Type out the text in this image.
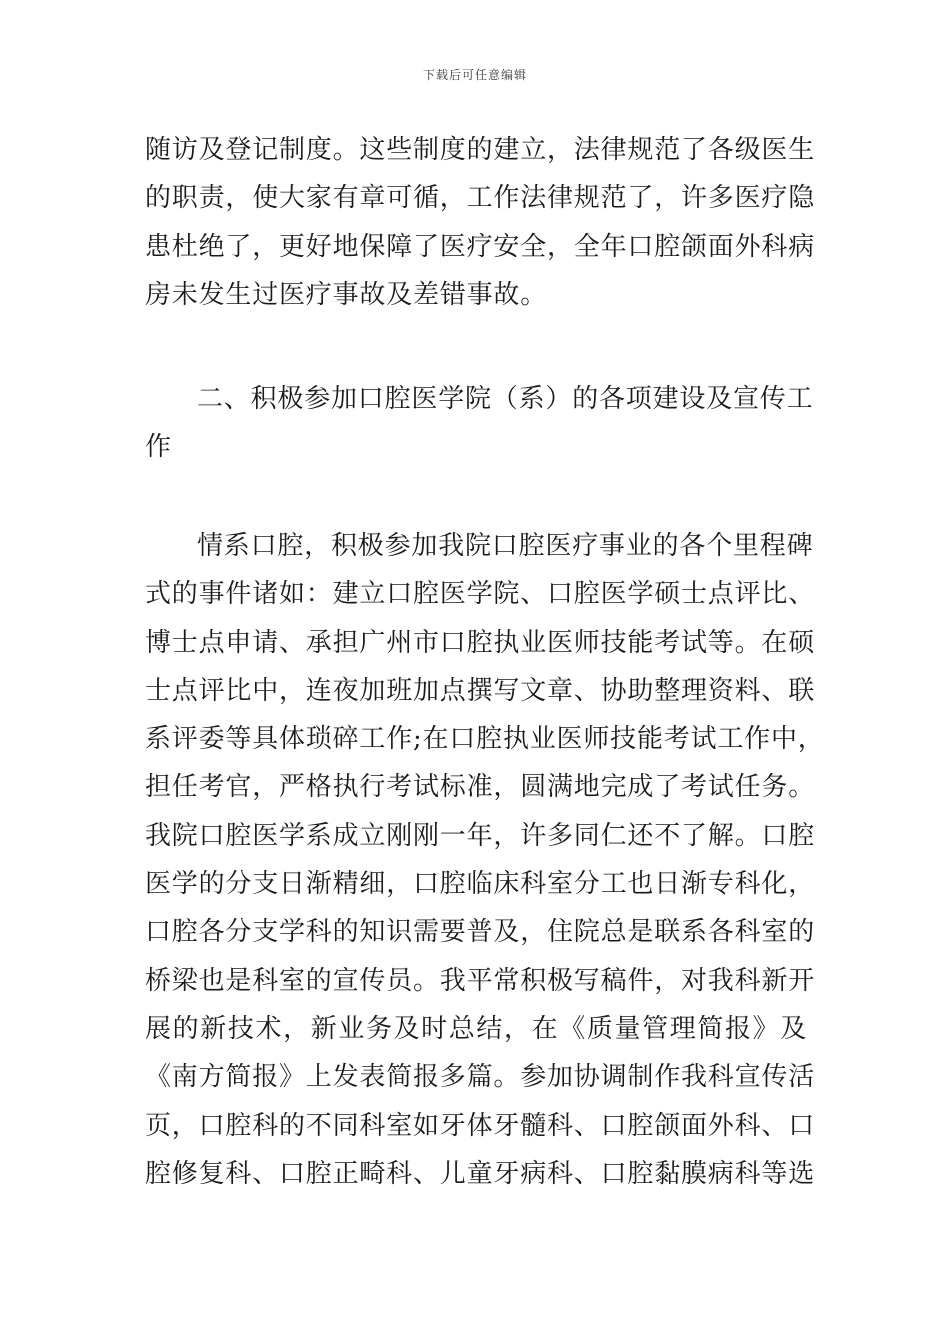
下载后可任意编辑
随访及登记制度。这些制度的建立，法律规范了各级医生
的职责，使大家有章可循，工作法律规范了，许多医疗隐
患杜绝了，更好地保障了医疗安全，全年口腔颌面外科病
房未发生过医疗事故及差错事故。
二、积极参加口腔医学院（系）的各项建设及宣传工
作
情系口腔，积极参加我院口腔医疗事业的各个里程碑
式的事件诸如：建立口腔医学院、口腔医学硕士点评比、
博士点申请、承担广州市口腔执业医师技能考试等。在硕
士点评比中，连夜加班加点撰写文章、协助整理资料、联
系评委等具体琐碎工作;在口腔执业医师技能考试工作中，
担任考官，严格执行考试标准，圆满地完成了考试任务。
我院口腔医学系成立刚刚一年，许多同仁还不了解。口腔
医学的分支日渐精细，口腔临床科室分工也日渐专科化，
口腔各分支学科的知识需要普及，住院总是联系各科室的
桥梁也是科室的宣传员。我平常积极写稿件，对我科新开
展的新技术，新业务及时总结，在《质量管理简报》及
《南方简报》上发表简报多篇。参加协调制作我科宣传活
页，口腔科的不同科室如牙体牙髓科、口腔颌面外科、口
腔修复科、口腔正畸科、儿童牙病科、口腔黏膜病科等选
